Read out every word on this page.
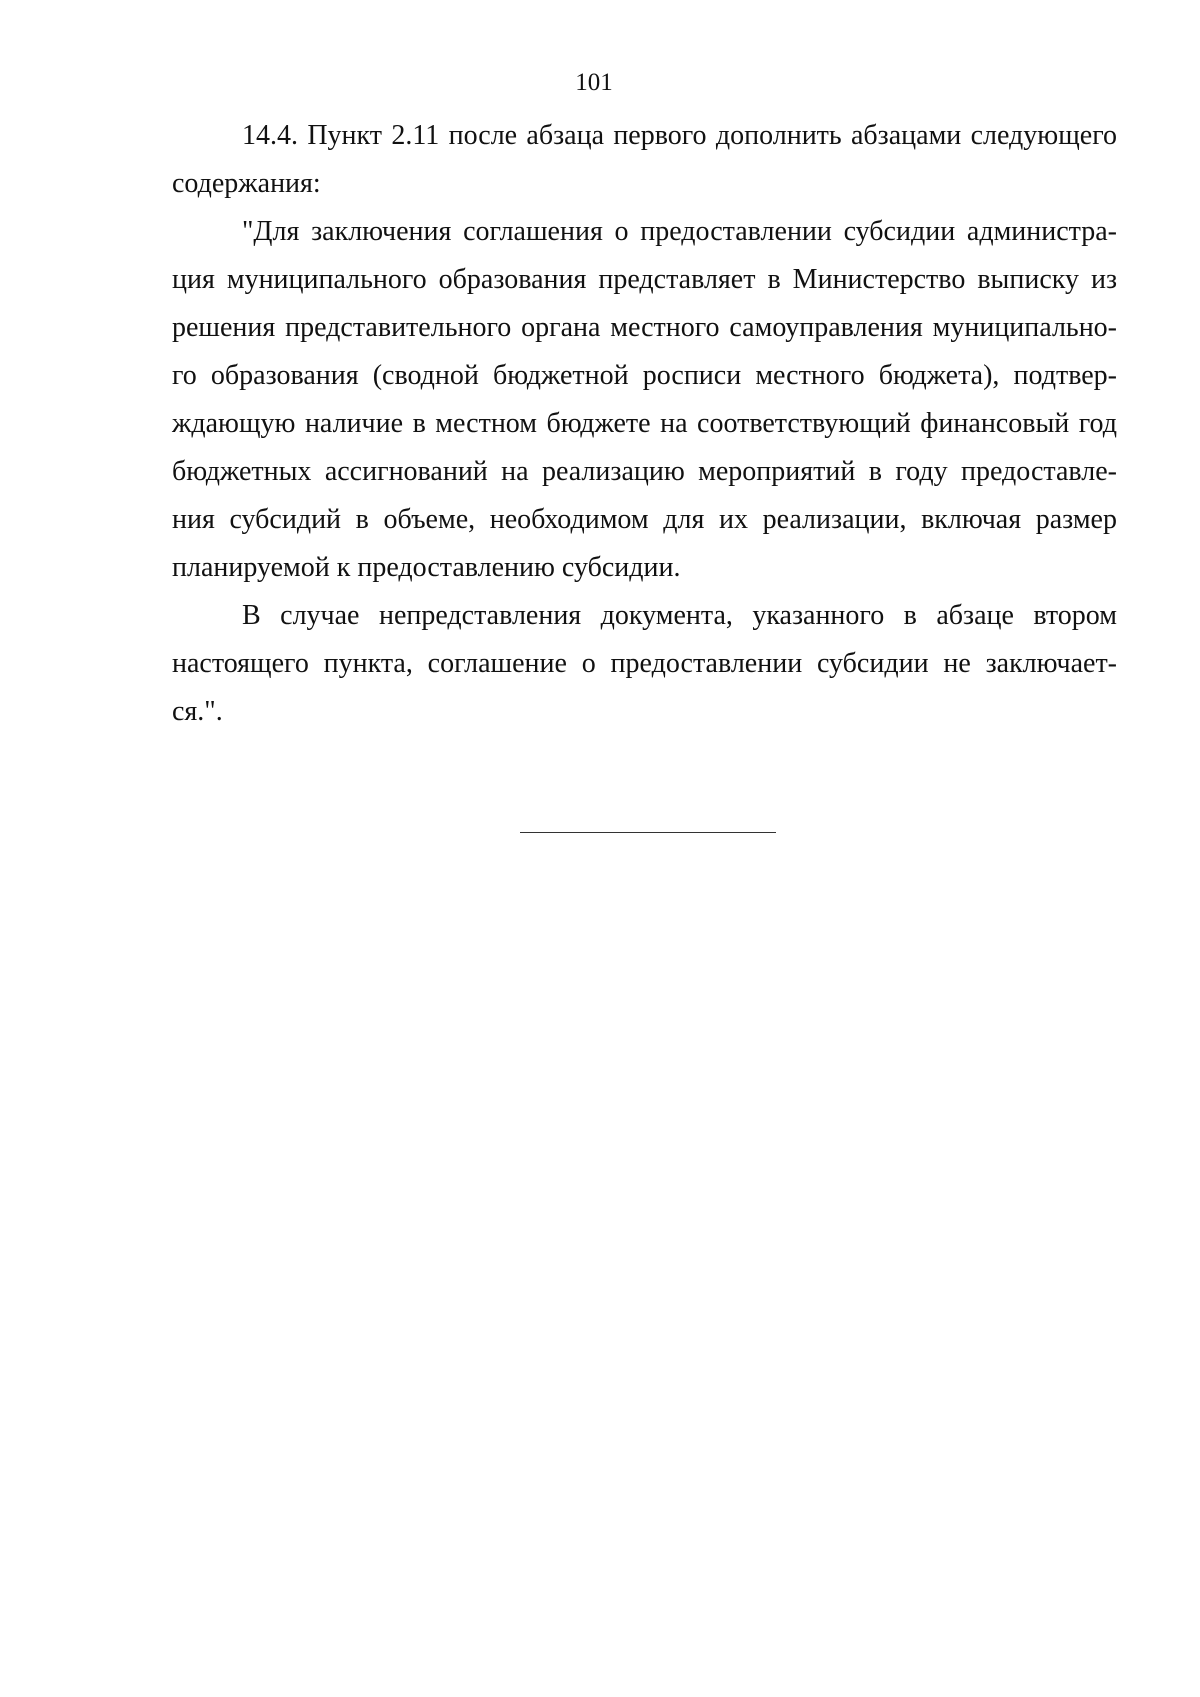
101

14.4. Пункт 2.11 после абзаца первого дополнить абзацами следующего
содержания:

"Для заключения соглашения о предоставлении субсидии администра-
ция муниципального образования представляет в Министерство выписку из
решения представительного органа местного самоуправления муниципально-
го образования (сводной бюджетной росписи местного бюджета), подтвер-
ждающую наличие в местном бюджете на соответствующий финансовый год
бюджетных ассигнований на реализацию мероприятий в году предоставле-
ния субсидий в объеме, необходимом для их реализации, включая размер
планируемой к предоставлению субсидии.

В случае непредставления документа, указанного в абзаце втором
настоящего пункта, соглашение о предоставлении субсидии не заключает-
ся.".
